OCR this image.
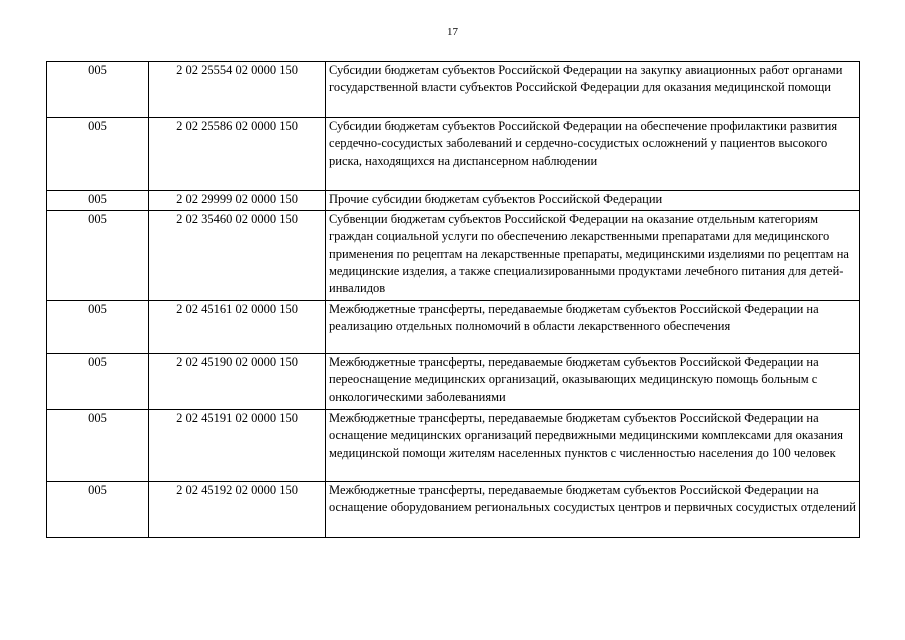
17
005	2 02 25554 02 0000 150	Субсидии бюджетам субъектов Российской Федерации на закупку авиационных работ органами государственной власти субъектов Российской Федерации для оказания медицинской помощи
005	2 02 25586 02 0000 150	Субсидии бюджетам субъектов Российской Федерации на обеспечение профилактики развития сердечно-сосудистых заболеваний и сердечно-сосудистых осложнений у пациентов высокого риска, находящихся на диспансерном наблюдении
005	2 02 29999 02 0000 150	Прочие субсидии бюджетам субъектов Российской Федерации
005	2 02 35460 02 0000 150	Субвенции бюджетам субъектов Российской Федерации на оказание отдельным категориям граждан социальной услуги по обеспечению лекарственными препаратами для медицинского применения по рецептам на лекарственные препараты, медицинскими изделиями по рецептам на медицинские изделия, а также специализированными продуктами лечебного питания для детей-инвалидов
005	2 02 45161 02 0000 150	Межбюджетные трансферты, передаваемые бюджетам субъектов Российской Федерации на реализацию отдельных полномочий в области лекарственного обеспечения
005	2 02 45190 02 0000 150	Межбюджетные трансферты, передаваемые бюджетам субъектов Российской Федерации на переоснащение медицинских организаций, оказывающих медицинскую помощь больным с онкологическими заболеваниями
005	2 02 45191 02 0000 150	Межбюджетные трансферты, передаваемые бюджетам субъектов Российской Федерации на оснащение медицинских организаций передвижными медицинскими комплексами для оказания медицинской помощи жителям населенных пунктов с численностью населения до 100 человек
005	2 02 45192 02 0000 150	Межбюджетные трансферты, передаваемые бюджетам субъектов Российской Федерации на оснащение оборудованием региональных сосудистых центров и первичных сосудистых отделений
